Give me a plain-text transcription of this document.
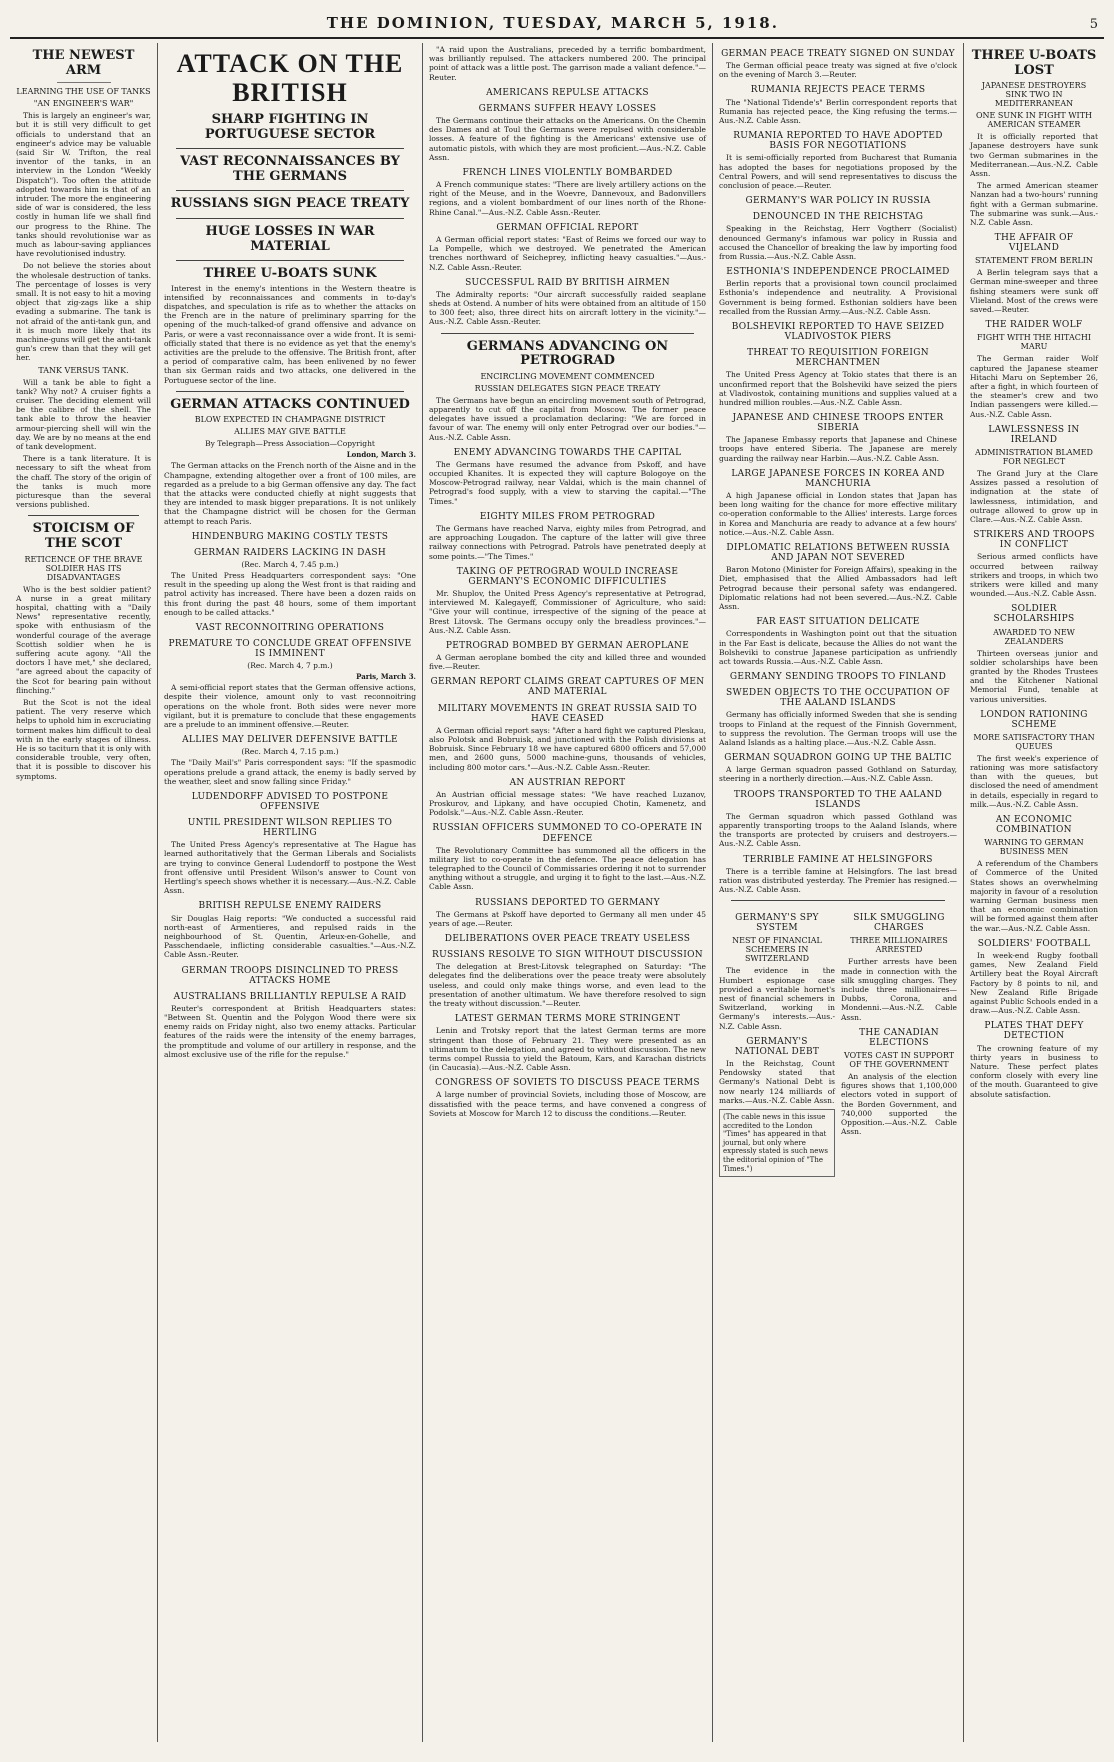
THE DOMINION, TUESDAY, MARCH 5, 1918.	5
THE NEWEST ARM
LEARNING THE USE OF TANKS
"AN ENGINEER'S WAR"

This is largely an engineer's war, but it is still very difficult to get officials to understand that an engineer's advice may be valuable (said Sir W. Trifton, the real inventor of the tanks, in an interview in the London "Weekly Dispatch"). Too often the attitude adopted towards him is that of an intruder. The more the engineering side of war is considered, the less costly in human life we shall find our progress to the Rhine. The tanks should revolutionise war as much as labour-saving appliances have revolutionised industry.

Do not believe the stories about the wholesale destruction of tanks. The percentage of losses is very small. It is not easy to hit a moving object that zig-zags like a ship evading a submarine. The tank is not afraid of the anti-tank gun, and it is much more likely that its machine-guns will get the anti-tank gun's crew than that they will get her.

TANK VERSUS TANK.

Will a tank be able to fight a tank? Why not? A cruiser fights a cruiser. The deciding element will be the calibre of the shell. The tank able to throw the heavier armour-piercing shell will win the day. We are by no means at the end of tank development.

There is a tank literature. It is necessary to sift the wheat from the chaff. The story of the origin of the tanks is much more picturesque than the several versions published.

STOICISM OF THE SCOT
RETICENCE OF THE BRAVE SOLDIER HAS ITS DISADVANTAGES

Who is the best soldier patient? A nurse in a great military hospital, chatting with a "Daily News" representative recently, spoke with enthusiasm of the wonderful courage of the average Scottish soldier when he is suffering acute agony. "All the doctors I have met," she declared, "are agreed about the capacity of the Scot for bearing pain without flinching."

But the Scot is not the ideal patient. The very reserve which helps to uphold him in excruciating torment makes him difficult to deal with in the early stages of illness. He is so taciturn that it is only with considerable trouble, very often, that it is possible to discover his symptoms.

ATTACK ON THE BRITISH
SHARP FIGHTING IN PORTUGUESE SECTOR
VAST RECONNAISSANCES BY THE GERMANS
RUSSIANS SIGN PEACE TREATY
HUGE LOSSES IN WAR MATERIAL
THREE U-BOATS SUNK

Interest in the enemy's intentions in the Western theatre is intensified by reconnaissances and comments in to-day's dispatches, and speculation is rife as to whether the attacks on the French are in the nature of preliminary sparring for the opening of the much-talked-of grand offensive and advance on Paris, or were a vast reconnaissance over a wide front. It is semi-officially stated that there is no evidence as yet that the enemy's activities are the prelude to the offensive. The British front, after a period of comparative calm, has been enlivened by no fewer than six German raids and two attacks, one delivered in the Portuguese sector of the line.

GERMAN ATTACKS CONTINUED
BLOW EXPECTED IN CHAMPAGNE DISTRICT
ALLIES MAY GIVE BATTLE
By Telegraph—Press Association—Copyright
London, March 3.

The German attacks on the French north of the Aisne and in the Champagne, extending altogether over a front of 100 miles, are regarded as a prelude to a big German offensive any day. The fact that the attacks were conducted chiefly at night suggests that they are intended to mask bigger preparations. It is not unlikely that the Champagne district will be chosen for the German attempt to reach Paris.

HINDENBURG MAKING COSTLY TESTS
GERMAN RAIDERS LACKING IN DASH
(Rec. March 4, 7.45 p.m.)

The United Press Headquarters correspondent says: "One result in the speeding up along the West front is that raiding and patrol activity has increased. There have been a dozen raids on this front during the past 48 hours, some of them important enough to be called attacks."

VAST RECONNOITRING OPERATIONS
PREMATURE TO CONCLUDE GREAT OFFENSIVE IS IMMINENT
(Rec. March 4, 7 p.m.)
Paris, March 3.

A semi-official report states that the German offensive actions, despite their violence, amount only to vast reconnoitring operations on the whole front. Both sides were never more vigilant, but it is premature to conclude that these engagements are a prelude to an imminent offensive.—Reuter.

ALLIES MAY DELIVER DEFENSIVE BATTLE
(Rec. March 4, 7.15 p.m.)

The "Daily Mail's" Paris correspondent says: "If the spasmodic operations prelude a grand attack, the enemy is badly served by the weather, sleet and snow falling since Friday."

LUDENDORFF ADVISED TO POSTPONE OFFENSIVE
UNTIL PRESIDENT WILSON REPLIES TO HERTLING

The United Press Agency's representative at The Hague has learned authoritatively that the German Liberals and Socialists are trying to convince General Ludendorff to postpone the West front offensive until President Wilson's answer to Count von Hertling's speech shows whether it is necessary.—Aus.-N.Z. Cable Assn.

BRITISH REPULSE ENEMY RAIDERS

Sir Douglas Haig reports: "We conducted a successful raid north-east of Armentieres, and repulsed raids in the neighbourhood of St. Quentin, Arleux-en-Gohelle, and Passchendaele, inflicting considerable casualties."—Aus.-N.Z. Cable Assn.-Reuter.

GERMAN TROOPS DISINCLINED TO PRESS ATTACKS HOME
AUSTRALIANS BRILLIANTLY REPULSE A RAID

Reuter's correspondent at British Headquarters states: "Between St. Quentin and the Polygon Wood there were six enemy raids on Friday night, also two enemy attacks. Particular features of the raids were the intensity of the enemy barrages, the promptitude and volume of our artillery in response, and the almost exclusive use of the rifle for the repulse."

"A raid upon the Australians, preceded by a terrific bombardment, was brilliantly repulsed. The attackers numbered 200. The principal point of attack was a little post. The garrison made a valiant defence."—Reuter.

AMERICANS REPULSE ATTACKS
GERMANS SUFFER HEAVY LOSSES

The Germans continue their attacks on the Americans. On the Chemin des Dames and at Toul the Germans were repulsed with considerable losses. A feature of the fighting is the Americans' extensive use of automatic pistols, with which they are most proficient.—Aus.-N.Z. Cable Assn.

FRENCH LINES VIOLENTLY BOMBARDED

A French communique states: "There are lively artillery actions on the right of the Meuse, and in the Woevre, Dannevoux, and Badonvillers regions, and a violent bombardment of our lines north of the Rhone-Rhine Canal."—Aus.-N.Z. Cable Assn.-Reuter.

GERMAN OFFICIAL REPORT

A German official report states: "East of Reims we forced our way to La Pompelle, which we destroyed. We penetrated the American trenches northward of Seicheprey, inflicting heavy casualties."—Aus.-N.Z. Cable Assn.-Reuter.

SUCCESSFUL RAID BY BRITISH AIRMEN

The Admiralty reports: "Our aircraft successfully raided seaplane sheds at Ostend. A number of hits were obtained from an altitude of 150 to 300 feet; also, three direct hits on aircraft lottery in the vicinity."—Aus.-N.Z. Cable Assn.-Reuter.

GERMANS ADVANCING ON PETROGRAD
ENCIRCLING MOVEMENT COMMENCED
RUSSIAN DELEGATES SIGN PEACE TREATY

The Germans have begun an encircling movement south of Petrograd, apparently to cut off the capital from Moscow. The former peace delegates have issued a proclamation declaring: "We are forced in favour of war. The enemy will only enter Petrograd over our bodies."—Aus.-N.Z. Cable Assn.

ENEMY ADVANCING TOWARDS THE CAPITAL

The Germans have resumed the advance from Pskoff, and have occupied Khanites. It is expected they will capture Bologoye on the Moscow-Petrograd railway, near Valdai, which is the main channel of Petrograd's food supply, with a view to starving the capital.—"The Times."

EIGHTY MILES FROM PETROGRAD

The Germans have reached Narva, eighty miles from Petrograd, and are approaching Lougadon. The capture of the latter will give three railway connections with Petrograd. Patrols have penetrated deeply at some points.—"The Times."

TAKING OF PETROGRAD WOULD INCREASE GERMANY'S ECONOMIC DIFFICULTIES

Mr. Shuplov, the United Press Agency's representative at Petrograd, interviewed M. Kalegayeff, Commissioner of Agriculture, who said: "Give your will continue, irrespective of the signing of the peace at Brest Litovsk. The Germans occupy only the breadless provinces."—Aus.-N.Z. Cable Assn.

PETROGRAD BOMBED BY GERMAN AEROPLANE

A German aeroplane bombed the city and killed three and wounded five.—Reuter.

GERMAN REPORT CLAIMS GREAT CAPTURES OF MEN AND MATERIAL
MILITARY MOVEMENTS IN GREAT RUSSIA SAID TO HAVE CEASED

A German official report says: "After a hard fight we captured Pleskau, also Polotsk and Bobruisk, and junctioned with the Polish divisions at Bobruisk. Since February 18 we have captured 6800 officers and 57,000 men, and 2600 guns, 5000 machine-guns, thousands of vehicles, including 800 motor cars."—Aus.-N.Z. Cable Assn.-Reuter.

AN AUSTRIAN REPORT

An Austrian official message states: "We have reached Luzanov, Proskurov, and Lipkany, and have occupied Chotin, Kamenetz, and Podolsk."—Aus.-N.Z. Cable Assn.-Reuter.

RUSSIAN OFFICERS SUMMONED TO CO-OPERATE IN DEFENCE

The Revolutionary Committee has summoned all the officers in the military list to co-operate in the defence. The peace delegation has telegraphed to the Council of Commissaries ordering it not to surrender anything without a struggle, and urging it to fight to the last.—Aus.-N.Z. Cable Assn.

RUSSIANS DEPORTED TO GERMANY

The Germans at Pskoff have deported to Germany all men under 45 years of age.—Reuter.

DELIBERATIONS OVER PEACE TREATY USELESS
RUSSIANS RESOLVE TO SIGN WITHOUT DISCUSSION

The delegation at Brest-Litovsk telegraphed on Saturday: "The delegates find the deliberations over the peace treaty were absolutely useless, and could only make things worse, and even lead to the presentation of another ultimatum. We have therefore resolved to sign the treaty without discussion."—Reuter.

LATEST GERMAN TERMS MORE STRINGENT

Lenin and Trotsky report that the latest German terms are more stringent than those of February 21. They were presented as an ultimatum to the delegation, and agreed to without discussion. The new terms compel Russia to yield the Batoum, Kars, and Karachan districts (in Caucasia).—Aus.-N.Z. Cable Assn.

CONGRESS OF SOVIETS TO DISCUSS PEACE TERMS

A large number of provincial Soviets, including those of Moscow, are dissatisfied with the peace terms, and have convened a congress of Soviets at Moscow for March 12 to discuss the conditions.—Reuter.

GERMAN PEACE TREATY SIGNED ON SUNDAY

The German official peace treaty was signed at five o'clock on the evening of March 3.—Reuter.

RUMANIA REJECTS PEACE TERMS

The "National Tidende's" Berlin correspondent reports that Rumania has rejected peace, the King refusing the terms.—Aus.-N.Z. Cable Assn.

RUMANIA REPORTED TO HAVE ADOPTED BASIS FOR NEGOTIATIONS

It is semi-officially reported from Bucharest that Rumania has adopted the bases for negotiations proposed by the Central Powers, and will send representatives to discuss the conclusion of peace.—Reuter.

GERMANY'S WAR POLICY IN RUSSIA
DENOUNCED IN THE REICHSTAG

Speaking in the Reichstag, Herr Vogtherr (Socialist) denounced Germany's infamous war policy in Russia and accused the Chancellor of breaking the law by importing food from Russia.—Aus.-N.Z. Cable Assn.

ESTHONIA'S INDEPENDENCE PROCLAIMED

Berlin reports that a provisional town council proclaimed Esthonia's independence and neutrality. A Provisional Government is being formed. Esthonian soldiers have been recalled from the Russian Army.—Aus.-N.Z. Cable Assn.

BOLSHEVIKI REPORTED TO HAVE SEIZED VLADIVOSTOK PIERS
THREAT TO REQUISITION FOREIGN MERCHANTMEN

The United Press Agency at Tokio states that there is an unconfirmed report that the Bolsheviki have seized the piers at Vladivostok, containing munitions and supplies valued at a hundred million roubles.—Aus.-N.Z. Cable Assn.

JAPANESE AND CHINESE TROOPS ENTER SIBERIA

The Japanese Embassy reports that Japanese and Chinese troops have entered Siberia. The Japanese are merely guarding the railway near Harbin.—Aus.-N.Z. Cable Assn.

LARGE JAPANESE FORCES IN KOREA AND MANCHURIA

A high Japanese official in London states that Japan has been long waiting for the chance for more effective military co-operation conformable to the Allies' interests. Large forces in Korea and Manchuria are ready to advance at a few hours' notice.—Aus.-N.Z. Cable Assn.

DIPLOMATIC RELATIONS BETWEEN RUSSIA AND JAPAN NOT SEVERED

Baron Motono (Minister for Foreign Affairs), speaking in the Diet, emphasised that the Allied Ambassadors had left Petrograd because their personal safety was endangered. Diplomatic relations had not been severed.—Aus.-N.Z. Cable Assn.

FAR EAST SITUATION DELICATE

Correspondents in Washington point out that the situation in the Far East is delicate, because the Allies do not want the Bolsheviki to construe Japanese participation as unfriendly act towards Russia.—Aus.-N.Z. Cable Assn.

GERMANY SENDING TROOPS TO FINLAND
SWEDEN OBJECTS TO THE OCCUPATION OF THE AALAND ISLANDS

Germany has officially informed Sweden that she is sending troops to Finland at the request of the Finnish Government, to suppress the revolution. The German troops will use the Aaland Islands as a halting place.—Aus.-N.Z. Cable Assn.

GERMAN SQUADRON GOING UP THE BALTIC

A large German squadron passed Gothland on Saturday, steering in a northerly direction.—Aus.-N.Z. Cable Assn.

TROOPS TRANSPORTED TO THE AALAND ISLANDS

The German squadron which passed Gothland was apparently transporting troops to the Aaland Islands, where the transports are protected by cruisers and destroyers.—Aus.-N.Z. Cable Assn.

TERRIBLE FAMINE AT HELSINGFORS

There is a terrible famine at Helsingfors. The last bread ration was distributed yesterday. The Premier has resigned.—Aus.-N.Z. Cable Assn.

GERMANY'S SPY SYSTEM
NEST OF FINANCIAL SCHEMERS IN SWITZERLAND

The evidence in the Humbert espionage case provided a veritable hornet's nest of financial schemers in Switzerland, working in Germany's interests.—Aus.-N.Z. Cable Assn.

GERMANY'S NATIONAL DEBT

In the Reichstag, Count Pendowsky stated that Germany's National Debt is now nearly 124 milliards of marks.—Aus.-N.Z. Cable Assn.

(The cable news in this issue accredited to the London "Times" has appeared in that journal, but only where expressly stated is such news the editorial opinion of "The Times.")
SILK SMUGGLING CHARGES
THREE MILLIONAIRES ARRESTED

Further arrests have been made in connection with the silk smuggling charges. They include three millionaires—Dubbs, Corona, and Mondenni.—Aus.-N.Z. Cable Assn.

THE CANADIAN ELECTIONS
VOTES CAST IN SUPPORT OF THE GOVERNMENT

An analysis of the election figures shows that 1,100,000 electors voted in support of the Borden Government, and 740,000 supported the Opposition.—Aus.-N.Z. Cable Assn.

THREE U-BOATS LOST
JAPANESE DESTROYERS SINK TWO IN MEDITERRANEAN
ONE SUNK IN FIGHT WITH AMERICAN STEAMER

It is officially reported that Japanese destroyers have sunk two German submarines in the Mediterranean.—Aus.-N.Z. Cable Assn.

The armed American steamer Nanzan had a two-hours' running fight with a German submarine. The submarine was sunk.—Aus.-N.Z. Cable Assn.

THE AFFAIR OF VIJELAND
STATEMENT FROM BERLIN

A Berlin telegram says that a German mine-sweeper and three fishing steamers were sunk off Vlieland. Most of the crews were saved.—Reuter.

THE RAIDER WOLF
FIGHT WITH THE HITACHI MARU

The German raider Wolf captured the Japanese steamer Hitachi Maru on September 26, after a fight, in which fourteen of the steamer's crew and two Indian passengers were killed.—Aus.-N.Z. Cable Assn.

LAWLESSNESS IN IRELAND
ADMINISTRATION BLAMED FOR NEGLECT

The Grand Jury at the Clare Assizes passed a resolution of indignation at the state of lawlessness, intimidation, and outrage allowed to grow up in Clare.—Aus.-N.Z. Cable Assn.

STRIKERS AND TROOPS IN CONFLICT

Serious armed conflicts have occurred between railway strikers and troops, in which two strikers were killed and many wounded.—Aus.-N.Z. Cable Assn.

SOLDIER SCHOLARSHIPS
AWARDED TO NEW ZEALANDERS

Thirteen overseas junior and soldier scholarships have been granted by the Rhodes Trustees and the Kitchener National Memorial Fund, tenable at various universities.

LONDON RATIONING SCHEME
MORE SATISFACTORY THAN QUEUES

The first week's experience of rationing was more satisfactory than with the queues, but disclosed the need of amendment in details, especially in regard to milk.—Aus.-N.Z. Cable Assn.

AN ECONOMIC COMBINATION
WARNING TO GERMAN BUSINESS MEN

A referendum of the Chambers of Commerce of the United States shows an overwhelming majority in favour of a resolution warning German business men that an economic combination will be formed against them after the war.—Aus.-N.Z. Cable Assn.

SOLDIERS' FOOTBALL

In week-end Rugby football games, New Zealand Field Artillery beat the Royal Aircraft Factory by 8 points to nil, and New Zealand Rifle Brigade against Public Schools ended in a draw.—Aus.-N.Z. Cable Assn.

PLATES THAT DEFY DETECTION

The crowning feature of my thirty years in business to Nature. These perfect plates conform closely with every line of the mouth. Guaranteed to give absolute satisfaction.
